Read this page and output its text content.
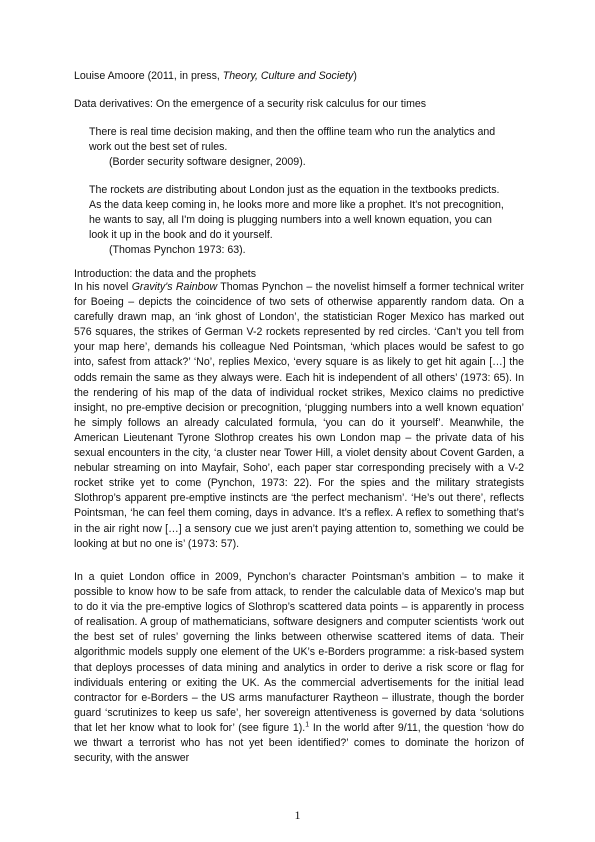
Louise Amoore (2011, in press, Theory, Culture and Society)
Data derivatives: On the emergence of a security risk calculus for our times
There is real time decision making, and then the offline team who run the analytics and work out the best set of rules.
(Border security software designer, 2009).
The rockets are distributing about London just as the equation in the textbooks predicts. As the data keep coming in, he looks more and more like a prophet. It's not precognition, he wants to say, all I'm doing is plugging numbers into a well known equation, you can look it up in the book and do it yourself.
(Thomas Pynchon 1973: 63).
Introduction: the data and the prophets
In his novel Gravity's Rainbow Thomas Pynchon – the novelist himself a former technical writer for Boeing – depicts the coincidence of two sets of otherwise apparently random data. On a carefully drawn map, an ‘ink ghost of London’, the statistician Roger Mexico has marked out 576 squares, the strikes of German V-2 rockets represented by red circles. ‘Can’t you tell from your map here’, demands his colleague Ned Pointsman, ‘which places would be safest to go into, safest from attack?’ ‘No’, replies Mexico, ‘every square is as likely to get hit again […] the odds remain the same as they always were. Each hit is independent of all others’ (1973: 65). In the rendering of his map of the data of individual rocket strikes, Mexico claims no predictive insight, no pre-emptive decision or precognition, ‘plugging numbers into a well known equation’ he simply follows an already calculated formula, ‘you can do it yourself’. Meanwhile, the American Lieutenant Tyrone Slothrop creates his own London map – the private data of his sexual encounters in the city, ‘a cluster near Tower Hill, a violet density about Covent Garden, a nebular streaming on into Mayfair, Soho’, each paper star corresponding precisely with a V-2 rocket strike yet to come (Pynchon, 1973: 22). For the spies and the military strategists Slothrop’s apparent pre-emptive instincts are ‘the perfect mechanism’. ‘He’s out there’, reflects Pointsman, ‘he can feel them coming, days in advance. It’s a reflex. A reflex to something that’s in the air right now […] a sensory cue we just aren’t paying attention to, something we could be looking at but no one is’ (1973: 57).
In a quiet London office in 2009, Pynchon’s character Pointsman’s ambition – to make it possible to know how to be safe from attack, to render the calculable data of Mexico’s map but to do it via the pre-emptive logics of Slothrop’s scattered data points – is apparently in process of realisation. A group of mathematicians, software designers and computer scientists ‘work out the best set of rules’ governing the links between otherwise scattered items of data. Their algorithmic models supply one element of the UK’s e-Borders programme: a risk-based system that deploys processes of data mining and analytics in order to derive a risk score or flag for individuals entering or exiting the UK. As the commercial advertisements for the initial lead contractor for e-Borders – the US arms manufacturer Raytheon – illustrate, though the border guard ‘scrutinizes to keep us safe’, her sovereign attentiveness is governed by data ‘solutions that let her know what to look for’ (see figure 1).$^1$ In the world after 9/11, the question ‘how do we thwart a terrorist who has not yet been identified?’ comes to dominate the horizon of security, with the answer
1
